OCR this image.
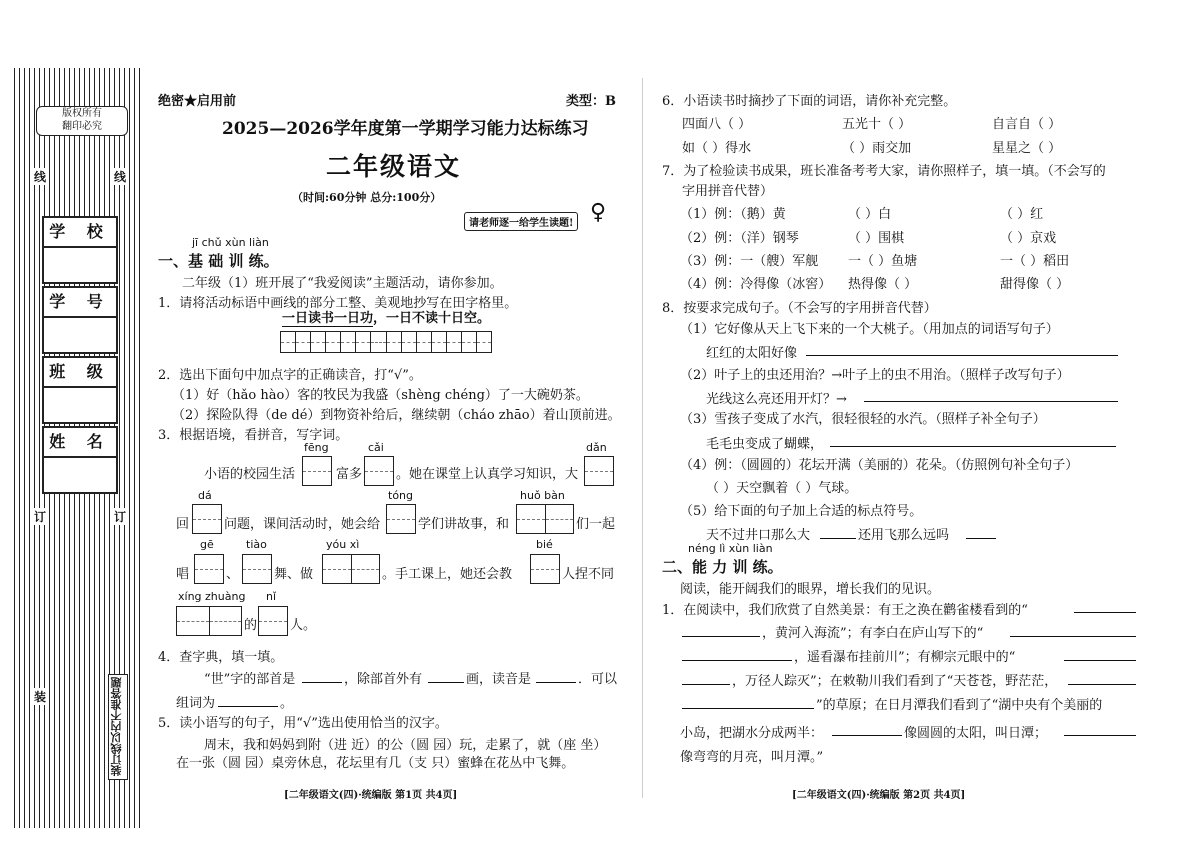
版权所有
翻印必究
线	线
学 校
学 号
班 级
姓 名
订	订
装订线以内不准答题
装
绝密★启用前	类型：B
2025—2026学年度第一学期学习能力达标练习
二年级语文
（时间:60分钟 总分:100分）
请老师逐一给学生读题! ♀
jī chǔ xùn liàn
一、基 础 训 练。
二年级（1）班开展了“我爱阅读”主题活动，请你参加。
1．请将活动标语中画线的部分工整、美观地抄写在田字格里。
一日读书一日功，一日不读十日空。
2．选出下面句中加点字的正确读音，打“√”。
（1）好（hǎo hào）客的牧民为我盛（shèng chéng）了一大碗奶茶。
（2）探险队得（de dé）到物资补给后，继续朝（cháo zhāo）着山顶前进。
3．根据语境，看拼音，写字词。
fēng	cǎi	dǎn
小语的校园生活	富多	。她在课堂上认真学习知识，大
dá	tóng	huǒ bàn
回	问题，课间活动时，她会给	学们讲故事，和	们一起
gē	tiào	yóu xì	bié
唱	、	舞、做	。手工课上，她还会教	人捏不同
xíng zhuàng nǐ
的	人。
4．查字典，填一填。
“世”字的部首是	，除部首外有	画，读音是	．可以
组词为	。
5．读小语写的句子，用“√”选出使用恰当的汉字。
周末，我和妈妈到附（进 近）的公（圆 园）玩，走累了，就（座 坐）
在一张（圆 园）桌旁休息，花坛里有几（支 只）蜜蜂在花丛中飞舞。
[二年级语文(四)·统编版 第1页 共4页]
6．小语读书时摘抄了下面的词语，请你补充完整。
四面八（ ）	五光十（ ）	自言自（ ）
如（ ）得水	（ ）雨交加	星星之（ ）
7．为了检验读书成果，班长准备考考大家，请你照样子，填一填。（不会写的
字用拼音代替）
（1）例：（鹅）黄	（ ）白	（ ）红
（2）例：（洋）钢琴	（ ）围棋	（ ）京戏
（3）例：一（艘）军舰 一（ ）鱼塘	一（ ）稻田
（4）例：冷得像（冰窖） 热得像（ ）	甜得像（ ）
8．按要求完成句子。（不会写的字用拼音代替）
（1）它好像从天上飞下来的一个大桃子。（用加点的词语写句子）
红红的太阳好像
（2）叶子上的虫还用治？→叶子上的虫不用治。（照样子改写句子）
光线这么亮还用开灯？→
（3）雪孩子变成了水汽，很轻很轻的水汽。（照样子补全句子）
毛毛虫变成了蝴蝶，
（4）例：（圆圆的）花坛开满（美丽的）花朵。（仿照例句补全句子）
（ ）天空飘着（ ）气球。
（5）给下面的句子加上合适的标点符号。
天不过井口那么大	还用飞那么远吗
néng lì xùn liàn
二、能 力 训 练。
阅读，能开阔我们的眼界，增长我们的见识。
1．在阅读中，我们欣赏了自然美景：有王之涣在鹳雀楼看到的“
，黄河入海流”；有李白在庐山写下的“
，遥看瀑布挂前川”；有柳宗元眼中的“
，万径人踪灭”；在敕勒川我们看到了“天苍苍，野茫茫，
”的草原；在日月潭我们看到了“湖中央有个美丽的
小岛，把湖水分成两半：	像圆圆的太阳，叫日潭；
像弯弯的月亮，叫月潭。”
[二年级语文(四)·统编版 第2页 共4页]
